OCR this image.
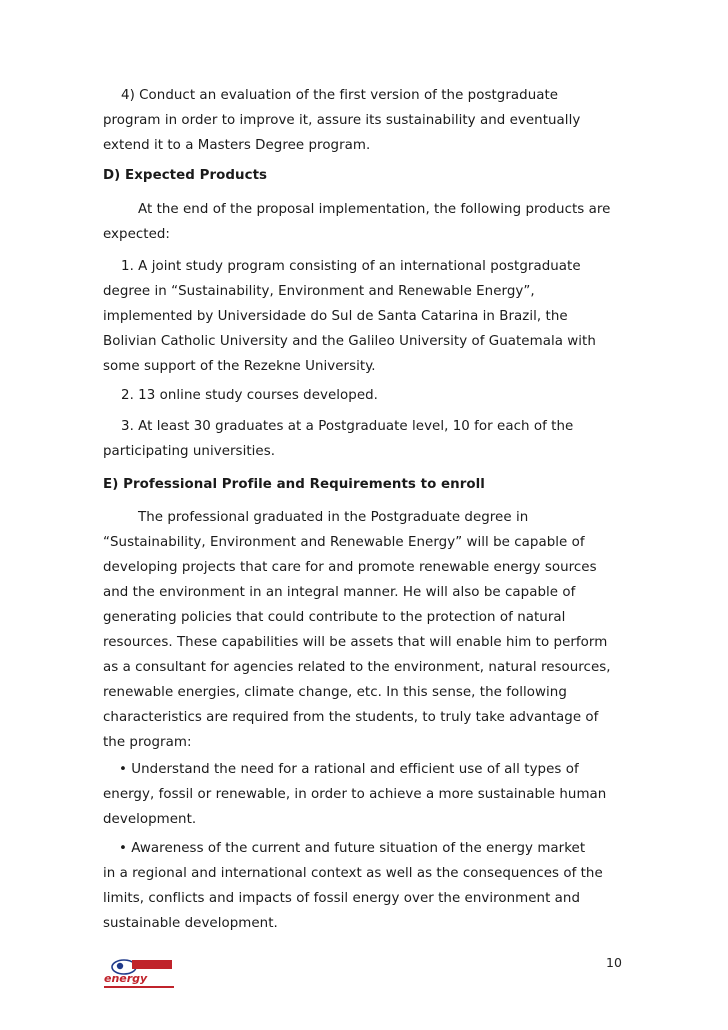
4) Conduct an evaluation of the first version of the postgraduate
program in order to improve it, assure its sustainability and eventually
extend it to a Masters Degree program.
D) Expected Products
At the end of the proposal implementation, the following products are
expected:
1. A joint study program consisting of an international postgraduate
degree in “Sustainability, Environment and Renewable Energy”,
implemented by Universidade do Sul de Santa Catarina in Brazil, the
Bolivian Catholic University and the Galileo University of Guatemala with
some support of the Rezekne University.
2. 13 online study courses developed.
3. At least 30 graduates at a Postgraduate level, 10 for each of the
participating universities.
E) Professional Profile and Requirements to enroll
The professional graduated in the Postgraduate degree in
“Sustainability, Environment and Renewable Energy” will be capable of
developing projects that care for and promote renewable energy sources
and the environment in an integral manner. He will also be capable of
generating policies that could contribute to the protection of natural
resources. These capabilities will be assets that will enable him to perform
as a consultant for agencies related to the environment, natural resources,
renewable energies, climate change, etc. In this sense, the following
characteristics are required from the students, to truly take advantage of
the program:
• Understand the need for a rational and efficient use of all types of
energy, fossil or renewable, in order to achieve a more sustainable human
development.
• Awareness of the current and future situation of the energy market
in a regional and international context as well as the consequences of the
limits, conflicts and impacts of fossil energy over the environment and
sustainable development.
energy
10
